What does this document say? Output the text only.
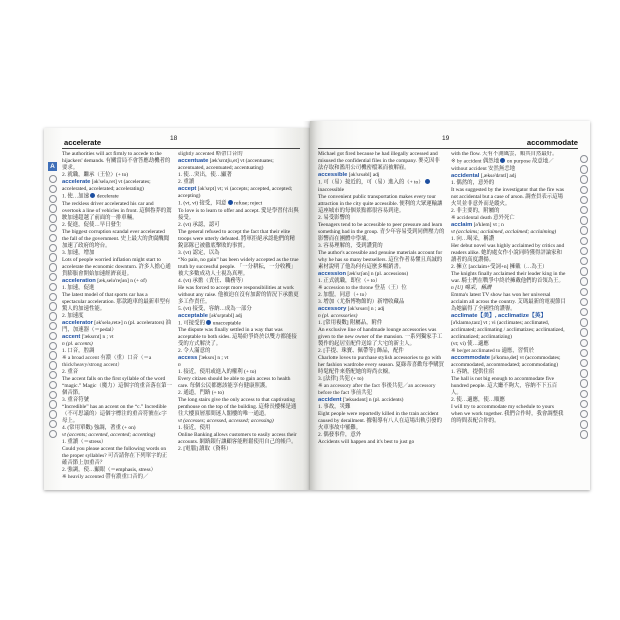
accelerate	18
A
The authorities will act firmly to accede to the hijackers' demands. 有關當局不會答應劫機者的要求。
2. 就職，繼承（王位）(+ to)
accelerate [ək'selə,ret] vt (accelerates; accelerated, accelerated; accelerating)
1. 使…加速 decelerate
The reckless driver accelerated his car and overtook a line of vehicles in front. 這個魯莽的駕駛加速超越了前面的一排車輛。
2. 促進，促使…早日發生
The biggest corruption scandal ever accelerated the fall of the government. 史上最大的貪腐醜聞加速了政府的垮台。
3. 加速，增加
Lots of people worried inflation might start to accelerate the economic downturn. 許多人擔心通貨膨脹會開始加速經濟衰退。
acceleration [æk,selə'reʃən] n (+ of)
1. 加速，促進
The latest model of that sports car has a spectacular acceleration. 那款跑車的最新車型有驚人的加速性能。
2. 加速度
accelerator [ək'selə,retɚ] n (pl. accelerators) 油門，加速器（＝pedal）
accent ['æksɛnt] n ; vt
n (pl. accents)
1. 口音，腔調
※ a broad accent 有濃（重）口音（＝a thick/heavy/strong accent）
2. 重音
The accent falls on the first syllable of the word “magic.” Magic（魔力）這個字的重音落在第一個音節。
3. 重音符號
“Incredible” has an accent on the “c.” Incredible（不可思議的）這個字標注的重音符號在c字母上。
4. (常用單數) 強調，著重 (+ on)
vt (accents; accented, accented; accenting)
1. 重讀（＝stress）
Could you please accent the following words on the proper syllables? 可否請你在下列單字的正確音節上加重音？
2. 強調，使…顯眼（＝emphasis, stress）
※ heavily accented 帶有濃重口音的／
slightly accented 略帶口音的
accentuate [æk'sɛntʃu,et] vt (accentuates; accentuated, accentuated; accentuating)
1. 使…突出，使…顯著
2. 重讀
accept [ək'sɛpt] vt; vi (accepts; accepted, accepted; accepting)
1. (vt, vi) 接受，同意 refuse; reject
To love is to learn to offer and accept. 愛是學習付出與接受。
2. (vt) 承認，認可
The general refused to accept the fact that their elite troops were utterly defeated. 將軍拒絕承認他們的精銳部隊已被徹底擊敗的事實。
3. (vt) 認定，以為
“No pain, no gain” has been widely accepted as the true truth by successful people. 「一分耕耘，一分收穫」被大多數成功人士視為真理。
4. (vt) 承擔（責任、職務等）
He was forced to accept more responsibilities at work without any raise. 他被迫在沒有加薪的情況下承擔更多工作責任。
5. (vt) 接受，容納…成為一部分
acceptable [ək'sɛptəbl] adj
1. 可接受的 unacceptable
The dispute was finally settled in a way that was acceptable to both sides. 這場紛爭終於以雙方都能接受的方式解決了。
2. 令人滿意的
access ['æksɛs] n ; vt
n
1. 接近，使用或進入的權利 (+ to)
Every citizen should be able to gain access to health care. 每個公民都應該能享有健康照護。
2. 通道，門路 (+ to)
The long stairs give the only access to that captivating penthouse on the top of the building. 這條長樓梯是通往大樓頂層那間迷人閣樓的唯一通道。
vt (accesses; accessed, accessed; accessing)
1. 接近，使用
Online Banking allows customers to easily access their accounts. 網路銀行讓顧客能輕鬆使用自己的帳戶。
2. [電腦] 讀取（資料）
19	accommodate
Michael got fired because he had illegally accessed and misused the confidential files in the company. 麥克因非法存取和濫用公司機密檔案而被解雇。
accessible [ək'sɛsəbl] adj
1. 可（易）接近的，可（易）進入的（+ to）inaccessible
The convenient public transportation makes every tour attraction in the city quite accessible. 便利的大眾運輸讓這座城市的每個景點都很容易到達。
2. 易受影響的
Teenagers tend to be accessible to peer pressure and learn something bad in the group. 青少年容易受到同儕壓力的影響而在團體中學壞。
3. 容易理解的，受到讚賞的
The author's accessible and genuine materials account for why he has so many bestsellers. 這位作者易懂且真誠的素材說明了他為何有這麼多暢銷書。
accession [æk'sɛʃən] n (pl. accessions)
1. 正式就職，即位（+ to）
※ accession to the throne 登基（王）位
2. 加盟，同意（+ to）
3. 增加（尤指博物館的）新增收藏品
accessory [ək'sɛsərɪ] n ; adj
n (pl. accessories)
1. [常用複數] 附屬品，附件
An exclusive line of handmade lounge accessories was given to the new owner of the mansion. 一系列獨家手工製作的起居室配件送給了大宅的新主人。
2. [手提、珠寶、佩帶等] 飾品，配件
Charlotte loves to purchase stylish accessories to go with her fashion wardrobe every season. 夏綠蒂喜歡每季購買時髦配件來搭配她的時尚衣櫥。
3. [法律] 共犯 (+ to)
※ an accessory after the fact 事後共犯／an accessory before the fact 事前共犯
accident ['æksədənt] n (pl. accidents)
1. 事故，災難
Eight people were reportedly killed in the train accident caused by derailment. 據報導有八人在這場出軌引發的火車事故中罹難。
2. 偶發事件，意外
Accidents will happen and it's best to just go
with the flow. 天有不測風雲，順其自然最好。
※ by accident 偶然地 on purpose 故意地／without accident 安然無恙地
accidental [,æksə'dɛntl] adj
1. 偶然的，意外的
It was suggested by the investigator that the fire was not accidental but a case of arson. 調查員表示這場火災並非意外而是縱火。
2. 非主要的，附屬的
※ accidental death 意外死亡
acclaim [ə'klem] vt ; n
vt (acclaims; acclaimed, acclaimed; acclaiming)
1. 向…喝采，稱讚
Her debut novel was highly acclaimed by critics and readers alike. 她的處女作小說同時獲得評論家和讀者的高度讚揚。
2. 擁立 [acclaim+受詞+n] 擁戴（…為王）
The knights finally acclaimed their leader king in the war. 騎士們在戰爭中終於擁戴他們的首領為王。
n [U] 喝采，稱讚
Emma's latest TV show has won her universal acclaim all across the country. 艾瑪最新的電視節目為她贏得了全國性的讚譽。
acclimate【美】, acclimatize【英】 [ə'klaɪmə,taɪz] vt ; vi (acclimates; acclimated, acclimated; acclimating / acclimatizes; acclimatized, acclimatized; acclimatizing)
(vt; vi) 使…適應
※ be/get acclimated to 適應，習慣於
accommodate [ə'kɑmə,det] vt (accommodates; accommodated, accommodated; accommodating)
1. 容納，提供住宿
The hall is not big enough to accommodate five hundred people. 這大廳不夠大，容納不下五百人。
2. 使…適應，使…順應
I will try to accommodate my schedule to yours when we work together. 我們合作時，我會調整我的時間表配合你的。
